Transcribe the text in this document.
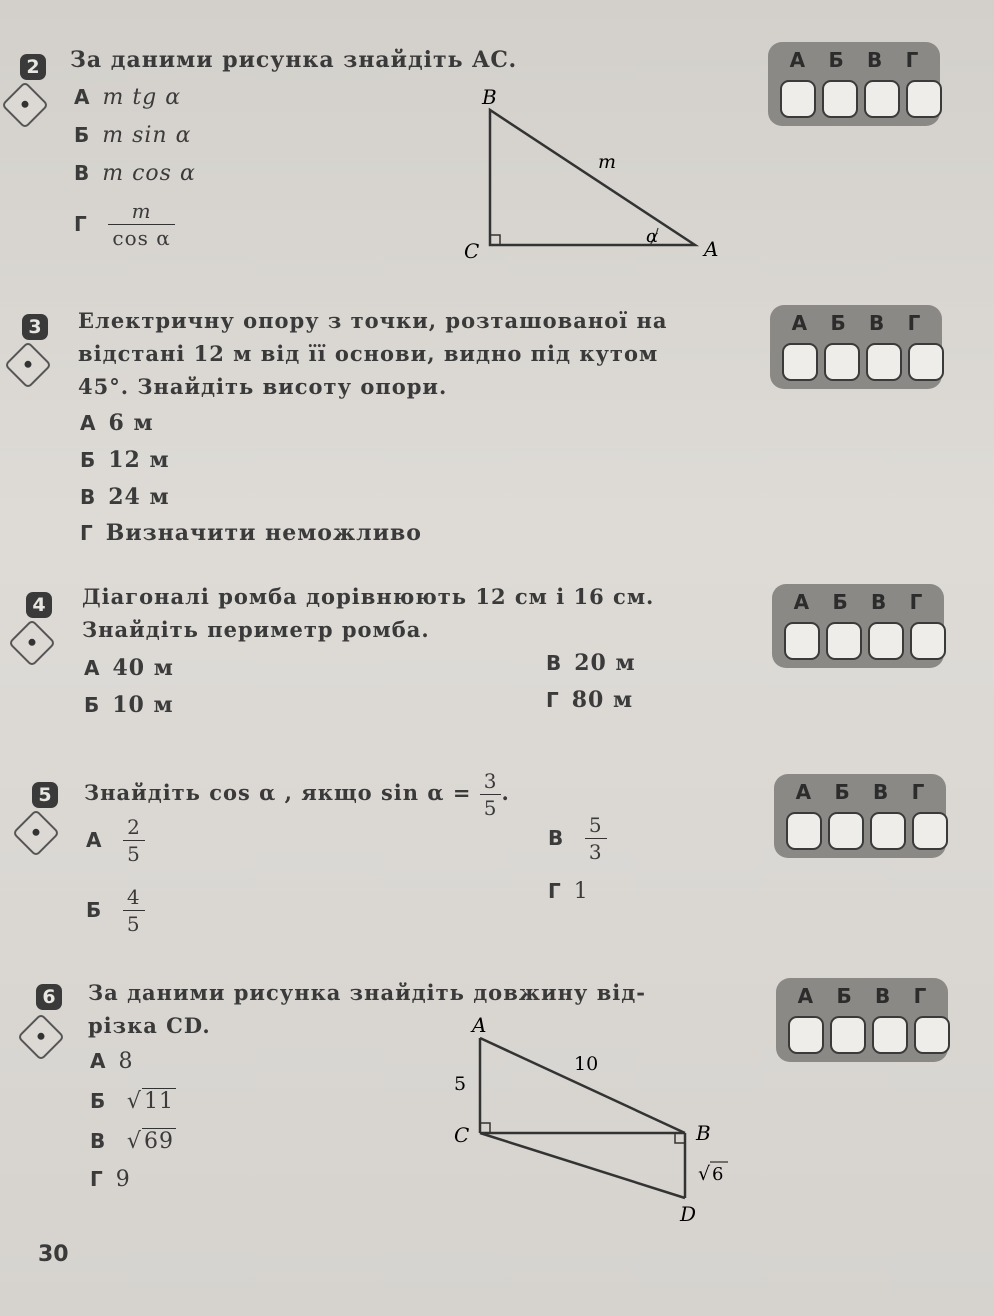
2 За даними рисунка знайдіть AC.
А m tg α
Б m sin α
В m cos α
Г $\frac{m}{\text{cos α}}$
B
C	A
m
α
А Б В Г
3	Електричну опору з точки, розташованої на
відстані 12 м від її основи, видно під кутом
45°. Знайдіть висоту опори.
А 6 м
Б 12 м
В 24 м
Г Визначити неможливо
А Б В Г
4	Діагоналі ромба дорівнюють 12 см і 16 см.
Знайдіть периметр ромба.
А 40 м
Б 10 м
В 20 м
Г 80 м
А Б В Г
5	Знайдіть cos α , якщо $\sin \alpha = \frac{3}{5}$ .
А $\frac{2}{5}$
Б $\frac{4}{5}$
В $\frac{5}{3}$
Г 1
А Б В Г
6	За даними рисунка знайдіть довжину від-
різка CD.
А 8
Б √11
В √69
Г 9
A
C	B
D
5
10
√ 6
А Б В Г
30
